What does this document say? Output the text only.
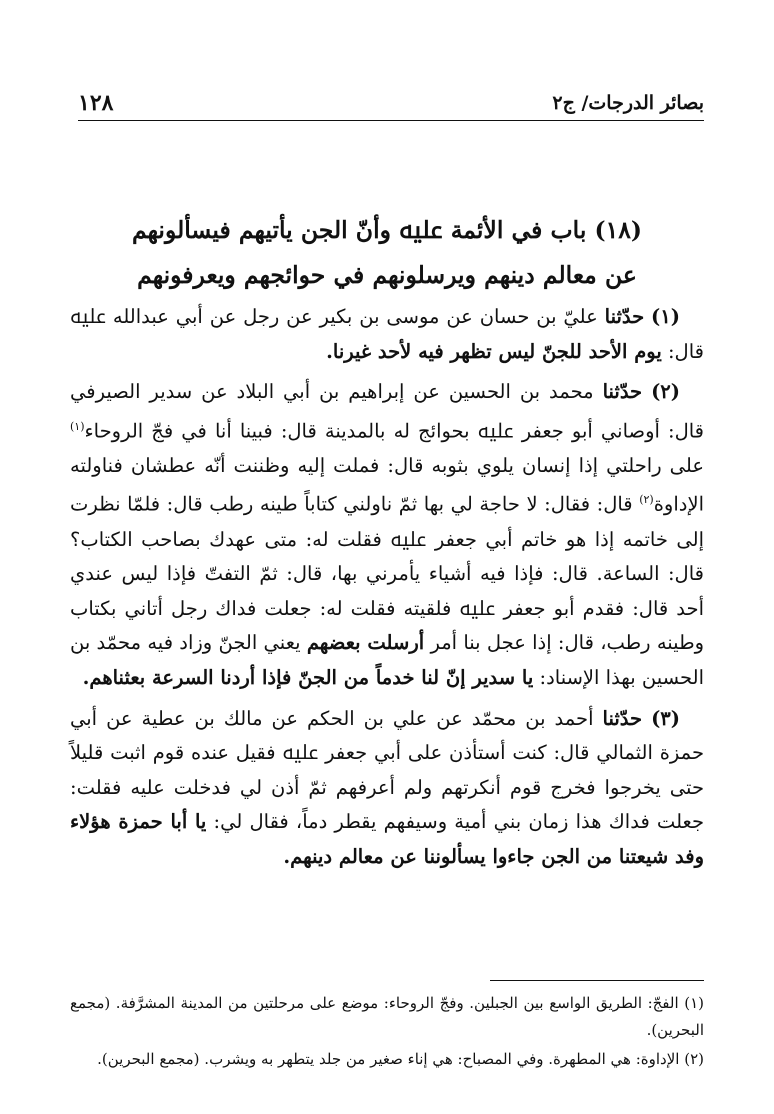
بصائر الدرجات/ ج٢
١٢٨
(١٨) باب في الأئمة ﷷ وأنّ الجن يأتيهم فيسألونهم
عن معالم دينهم ويرسلونهم في حوائجهم ويعرفونهم

(١) حدّثنا عليّ بن حسان عن موسى بن بكير عن رجل عن أبي عبدالله ﷷ قال: يوم الأحد للجنّ ليس تظهر فيه لأحد غيرنا.

(٢) حدّثنا محمد بن الحسين عن إبراهيم بن أبي البلاد عن سدير الصيرفي قال: أوصاني أبو جعفر ﷷ بحوائج له بالمدينة قال: فبينا أنا في فجّ الروحاء$^{(١)}$ على راحلتي إذا إنسان يلوي بثوبه قال: فملت إليه وظننت أنّه عطشان فناولته الإداوة$^{(٢)}$ قال: فقال: لا حاجة لي بها ثمّ ناولني كتاباً طينه رطب قال: فلمّا نظرت إلى خاتمه إذا هو خاتم أبي جعفر ﷷ فقلت له: متى عهدك بصاحب الكتاب؟ قال: الساعة. قال: فإذا فيه أشياء يأمرني بها، قال: ثمّ التفتّ فإذا ليس عندي أحد قال: فقدم أبو جعفر ﷷ فلقيته فقلت له: جعلت فداك رجل أتاني بكتاب وطينه رطب، قال: إذا عجل بنا أمر أرسلت بعضهم يعني الجنّ وزاد فيه محمّد بن الحسين بهذا الإسناد: يا سدير إنّ لنا خدماً من الجنّ فإذا أردنا السرعة بعثناهم.

(٣) حدّثنا أحمد بن محمّد عن علي بن الحكم عن مالك بن عطية عن أبي حمزة الثمالي قال: كنت أستأذن على أبي جعفر ﷷ فقيل عنده قوم اثبت قليلاً حتى يخرجوا فخرج قوم أنكرتهم ولم أعرفهم ثمّ أذن لي فدخلت عليه فقلت: جعلت فداك هذا زمان بني أمية وسيفهم يقطر دماً، فقال لي: يا أبا حمزة هؤلاء وفد شيعتنا من الجن جاءوا يسألوننا عن معالم دينهم.

(١) الفجّ: الطريق الواسع بين الجبلين. وفجّ الروحاء: موضع على مرحلتين من المدينة المشرَّفة. (مجمع البحرين).

(٢) الإداوة: هي المطهرة. وفي المصباح: هي إناء صغير من جلد يتطهر به ويشرب. (مجمع البحرين).
